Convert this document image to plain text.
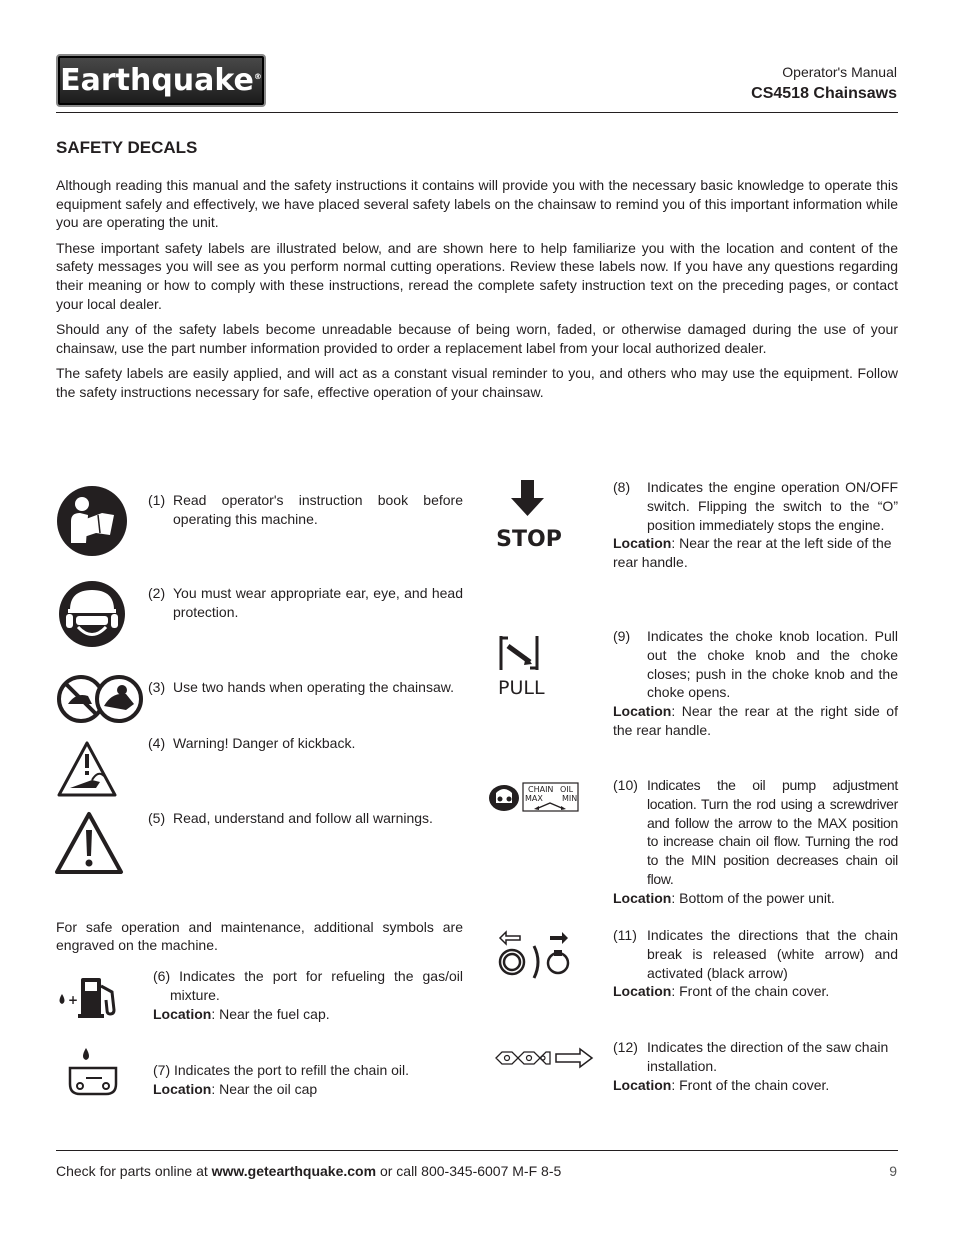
Earthquake®	Operator's Manual
CS4518 Chainsaws
SAFETY DECALS

Although reading this manual and the safety instructions it contains will provide you with the necessary basic knowledge to operate this equipment safely and effectively, we have placed several safety labels on the chainsaw to remind you of this important information while you are operating the unit.

These important safety labels are illustrated below, and are shown here to help familiarize you with the location and content of the safety messages you will see as you perform normal cutting operations. Review these labels now. If you have any questions regarding their meaning or how to comply with these instructions, reread the complete safety instruction text on the preceding pages, or contact your local dealer.

Should any of the safety labels become unreadable because of being worn, faded, or otherwise damaged during the use of your chainsaw, use the part number information provided to order a replacement label from your local authorized dealer.

The safety labels are easily applied, and will act as a constant visual reminder to you, and others who may use the equipment. Follow the safety instructions necessary for safe, effective operation of your chainsaw.

(1) Read operator's instruction book before operating this machine.
(2) You must wear appropriate ear, eye, and head protection.
(3) Use two hands when operating the chainsaw.
(4) Warning! Danger of kickback.
(5) Read, understand and follow all warnings.
For safe operation and maintenance, additional symbols are engraved on the machine.
+
(6) Indicates the port for refueling the gas/oil mixture.
Location: Near the fuel cap.
(7) Indicates the port to refill the chain oil.
Location: Near the oil cap
STOP
PULL
CHAIN OIL
MAX MIN
(8)	Indicates the engine operation ON/OFF switch. Flipping the switch to the “O” position immediately stops the engine.
Location: Near the rear at the left side of the rear handle.
(9)	Indicates the choke knob location. Pull out the choke knob and the choke closes; push in the choke knob and the choke opens.
Location: Near the rear at the right side of the rear handle.
(10) Indicates the oil pump adjustment location. Turn the rod using a screwdriver and follow the arrow to the MAX position to increase chain oil flow. Turning the rod to the MIN position decreases chain oil flow.
Location: Bottom of the power unit.
(11) Indicates the directions that the chain break is released (white arrow) and activated (black arrow)
Location: Front of the chain cover.
(12) Indicates the direction of the saw chain installation.
Location: Front of the chain cover.
Check for parts online at www.getearthquake.com or call 800-345-6007 M-F 8-5	9
